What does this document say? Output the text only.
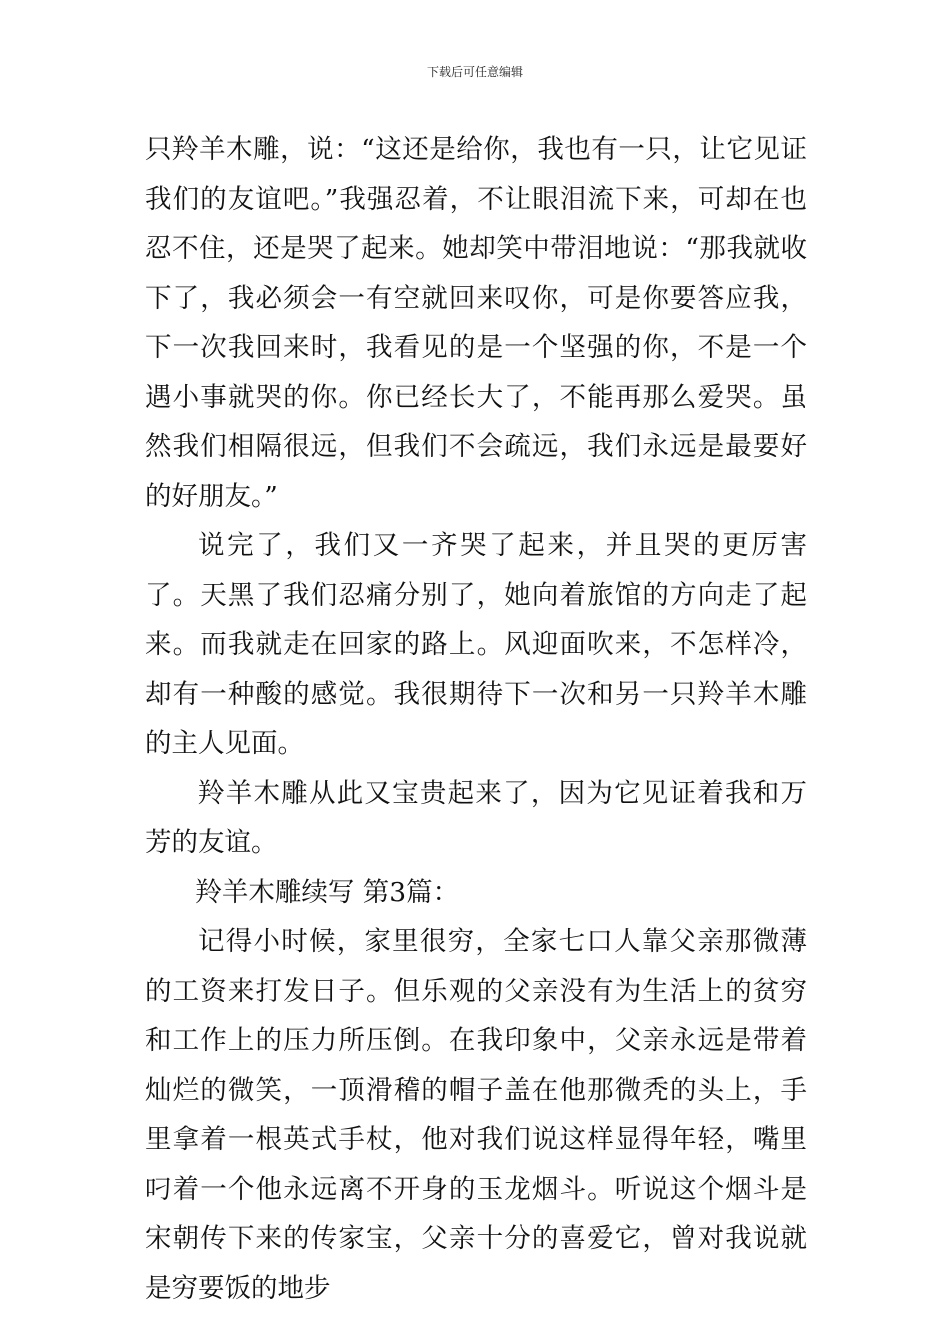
下载后可任意编辑

只羚羊木雕，说：“这还是给你，我也有一只，让它见证我们的友谊吧。”我强忍着，不让眼泪流下来，可却在也忍不住，还是哭了起来。她却笑中带泪地说：“那我就收下了，我必须会一有空就回来叹你，可是你要答应我，下一次我回来时，我看见的是一个坚强的你，不是一个遇小事就哭的你。你已经长大了，不能再那么爱哭。虽然我们相隔很远，但我们不会疏远，我们永远是最要好的好朋友。”

说完了，我们又一齐哭了起来，并且哭的更厉害了。天黑了我们忍痛分别了，她向着旅馆的方向走了起来。而我就走在回家的路上。风迎面吹来，不怎样冷，却有一种酸的感觉。我很期待下一次和另一只羚羊木雕的主人见面。

羚羊木雕从此又宝贵起来了，因为它见证着我和万芳的友谊。

羚羊木雕续写 第3篇：

记得小时候，家里很穷，全家七口人靠父亲那微薄的工资来打发日子。但乐观的父亲没有为生活上的贫穷和工作上的压力所压倒。在我印象中，父亲永远是带着灿烂的微笑，一顶滑稽的帽子盖在他那微秃的头上，手里拿着一根英式手杖，他对我们说这样显得年轻，嘴里叼着一个他永远离不开身的玉龙烟斗。听说这个烟斗是宋朝传下来的传家宝，父亲十分的喜爱它，曾对我说就是穷要饭的地步
